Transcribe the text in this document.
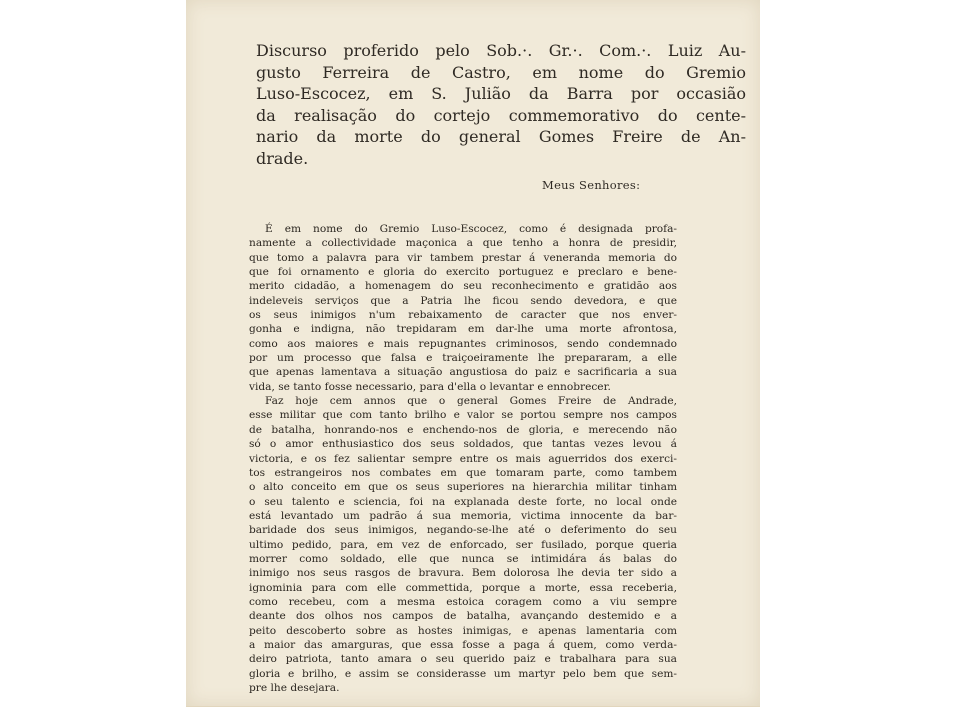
Discurso proferido pelo Sob.·. Gr.·. Com.·. Luiz Au-
gusto Ferreira de Castro, em nome do Gremio
Luso-Escocez, em S. Julião da Barra por occasião
da realisação do cortejo commemorativo do cente-
nario da morte do general Gomes Freire de An-
drade.
Meus Senhores:
É em nome do Gremio Luso-Escocez, como é designada profa-
namente a collectividade maçonica a que tenho a honra de presidir,
que tomo a palavra para vir tambem prestar á veneranda memoria do
que foi ornamento e gloria do exercito portuguez e preclaro e bene-
merito cidadão, a homenagem do seu reconhecimento e gratidão aos
indeleveis serviços que a Patria lhe ficou sendo devedora, e que
os seus inimigos n'um rebaixamento de caracter que nos enver-
gonha e indigna, não trepidaram em dar-lhe uma morte afrontosa,
como aos maiores e mais repugnantes criminosos, sendo condemnado
por um processo que falsa e traiçoeiramente lhe prepararam, a elle
que apenas lamentava a situação angustiosa do paiz e sacrificaria a sua
vida, se tanto fosse necessario, para d'ella o levantar e ennobrecer.
Faz hoje cem annos que o general Gomes Freire de Andrade,
esse militar que com tanto brilho e valor se portou sempre nos campos
de batalha, honrando-nos e enchendo-nos de gloria, e merecendo não
só o amor enthusiastico dos seus soldados, que tantas vezes levou á
victoria, e os fez salientar sempre entre os mais aguerridos dos exerci-
tos estrangeiros nos combates em que tomaram parte, como tambem
o alto conceito em que os seus superiores na hierarchia militar tinham
o seu talento e sciencia, foi na explanada deste forte, no local onde
está levantado um padrão á sua memoria, victima innocente da bar-
baridade dos seus inimigos, negando-se-lhe até o deferimento do seu
ultimo pedido, para, em vez de enforcado, ser fusilado, porque queria
morrer como soldado, elle que nunca se intimidára ás balas do
inimigo nos seus rasgos de bravura. Bem dolorosa lhe devia ter sido a
ignominia para com elle commettida, porque a morte, essa receberia,
como recebeu, com a mesma estoica coragem como a viu sempre
deante dos olhos nos campos de batalha, avançando destemido e a
peito descoberto sobre as hostes inimigas, e apenas lamentaria com
a maior das amarguras, que essa fosse a paga á quem, como verda-
deiro patriota, tanto amara o seu querido paiz e trabalhara para sua
gloria e brilho, e assim se considerasse um martyr pelo bem que sem-
pre lhe desejara.
